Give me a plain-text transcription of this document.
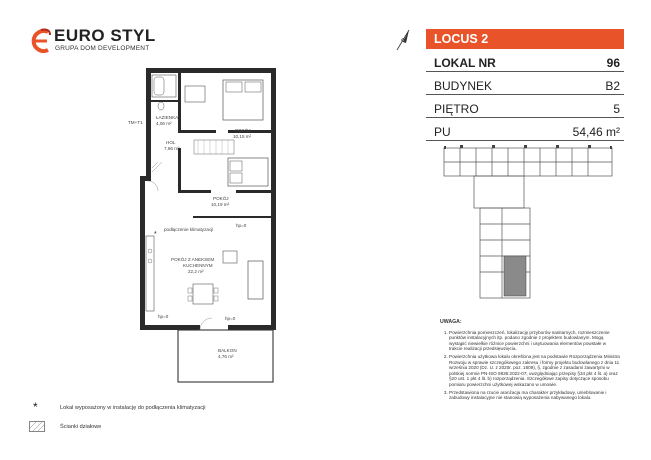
EURO STYL
GRUPA DOM DEVELOPMENT
ŁAZIENKA
4,06 m²
HOL
7,86 m²
POKÓJ
10,15 m²
POKÓJ
10,19 m²
POKÓJ Z ANEKSEM
KUCHENNYM
22,2 m²
BALKON
4,76 m²
TM+T1
podłączenie klimatyzacji
hp=0	hp=0
hp=0
*
LOCUS 2
LOKAL NR	96
BUDYNEK	B2
PIĘTRO	5
PU	54,46 m²
UWAGA:
1. Powierzchnia pomieszczeń, lokalizację przyborów sanitarnych, rozmieszczenie punktów instalacyjnych itp. podano zgodnie z projektem budowlanym. Mogą wystąpić niewielkie różnice powierzchni i usytuowania elementów powstałe w trakcie realizacji przedsięwzięcia.
2. Powierzchnia użytkowa lokalu określona jest na podstawie Rozporządzenia Ministra Rozwoju w sprawie szczegółowego zakresu i formy projektu budowlanego z dnia 11 września 2020 (Dz. U. z 2020r. poz. 1609), §, zgodnie z zasadami zawartymi w polskiej normie PN-ISO 9836:2022-07, uwzględniając przepisy §34 pkt 4 lit. a) oraz §20 ust. 1 pkt 4 lit. b) rozporządzenia. Szczegółowe zapisy dotyczące sposobu pomiaru powierzchni użytkowej wskazano w umowie.
3. Przedstawiona na rzucie aranżacja ma charakter przykładowy, umeblowanie i zabudowy instalacyjne nie stanowią wyposażenia nabywanego lokalu.
*	Lokal wyposażony w instalację do podłączenia klimatyzacji
Ścianki działowe
